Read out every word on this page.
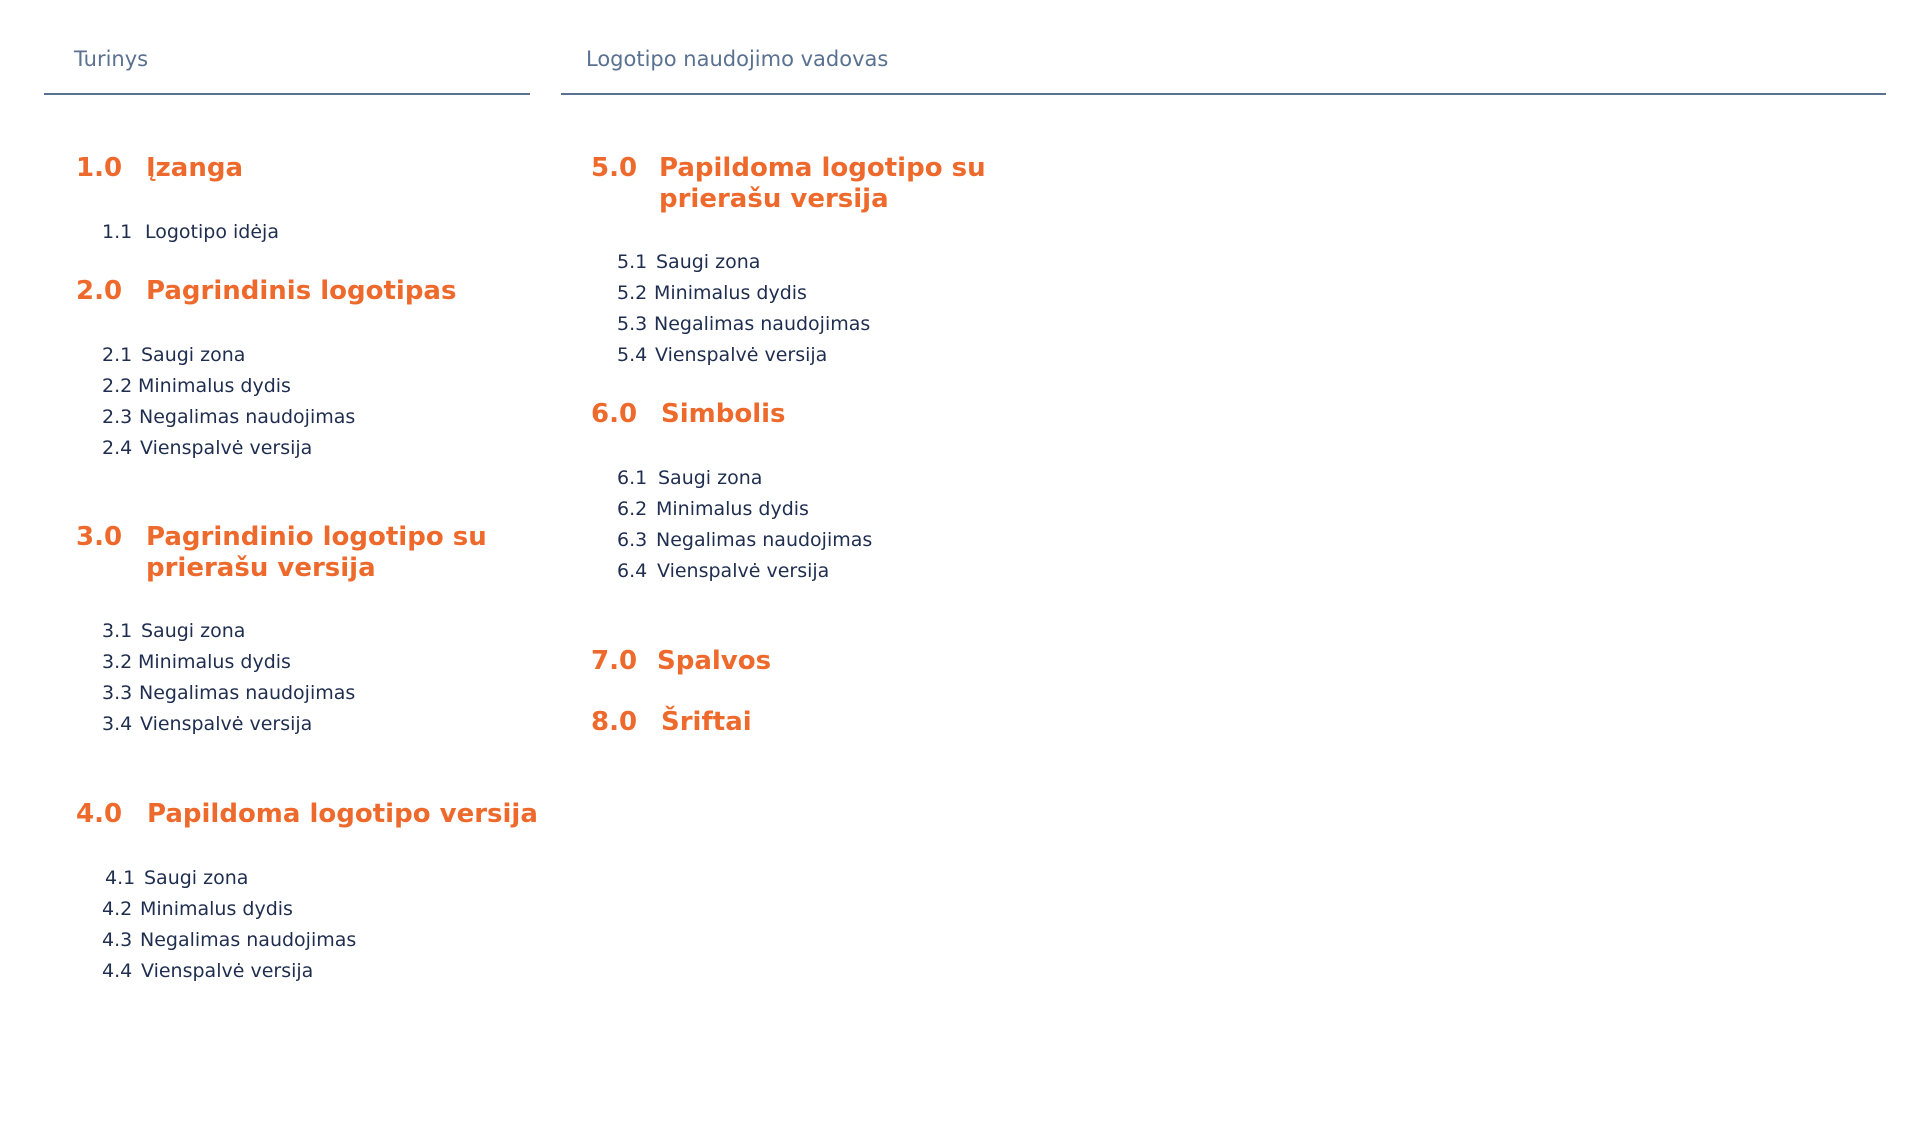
Turinys	Logotipo naudojimo vadovas
1.0 Įzanga
1.1 Logotipo idėja
2.0 Pagrindinis logotipas
2.1 Saugi zona
2.2 Minimalus dydis
2.3 Negalimas naudojimas
2.4 Vienspalvė versija
3.0 Pagrindinio logotipo su
prierašu versija
3.1 Saugi zona
3.2 Minimalus dydis
3.3 Negalimas naudojimas
3.4 Vienspalvė versija
4.0 Papildoma logotipo versija
4.1 Saugi zona
4.2 Minimalus dydis
4.3 Negalimas naudojimas
4.4 Vienspalvė versija
5.0 Papildoma logotipo su
prierašu versija
5.1 Saugi zona
5.2 Minimalus dydis
5.3 Negalimas naudojimas
5.4 Vienspalvė versija
6.0 Simbolis
6.1 Saugi zona
6.2 Minimalus dydis
6.3 Negalimas naudojimas
6.4 Vienspalvė versija
7.0 Spalvos
8.0 Šriftai
